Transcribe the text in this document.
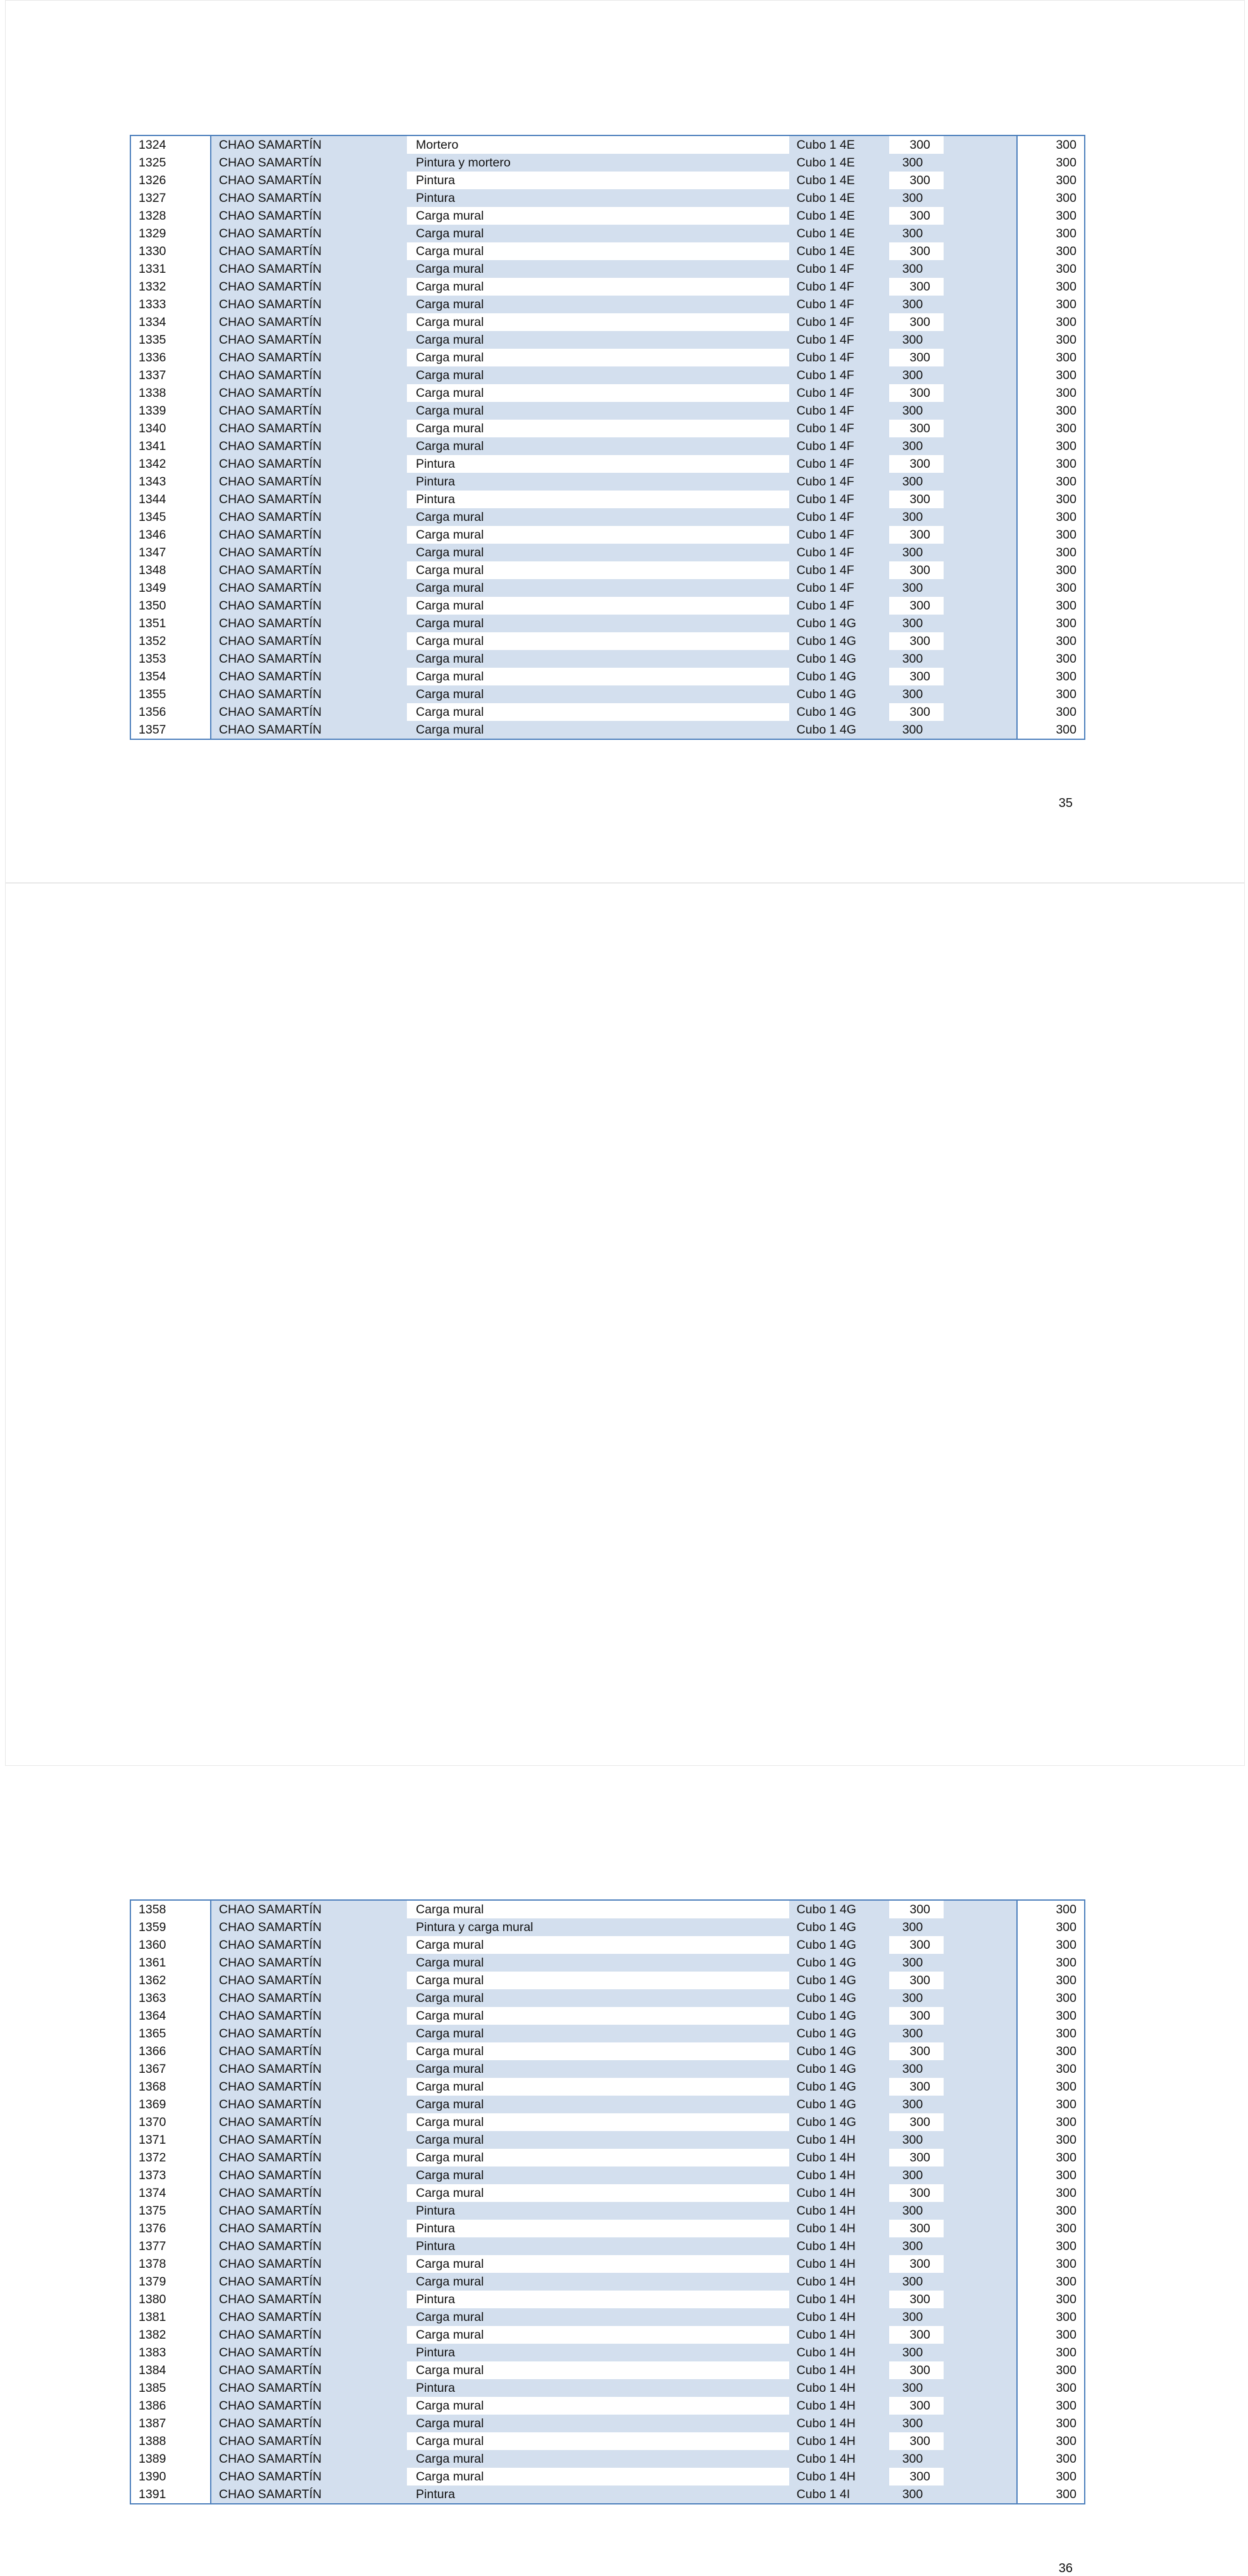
1324	CHAO SAMARTÍN	Mortero	Cubo 1 4E	300		300
1325	CHAO SAMARTÍN	Pintura y mortero	Cubo 1 4E	300		300
1326	CHAO SAMARTÍN	Pintura	Cubo 1 4E	300		300
1327	CHAO SAMARTÍN	Pintura	Cubo 1 4E	300		300
1328	CHAO SAMARTÍN	Carga mural	Cubo 1 4E	300		300
1329	CHAO SAMARTÍN	Carga mural	Cubo 1 4E	300		300
1330	CHAO SAMARTÍN	Carga mural	Cubo 1 4E	300		300
1331	CHAO SAMARTÍN	Carga mural	Cubo 1 4F	300		300
1332	CHAO SAMARTÍN	Carga mural	Cubo 1 4F	300		300
1333	CHAO SAMARTÍN	Carga mural	Cubo 1 4F	300		300
1334	CHAO SAMARTÍN	Carga mural	Cubo 1 4F	300		300
1335	CHAO SAMARTÍN	Carga mural	Cubo 1 4F	300		300
1336	CHAO SAMARTÍN	Carga mural	Cubo 1 4F	300		300
1337	CHAO SAMARTÍN	Carga mural	Cubo 1 4F	300		300
1338	CHAO SAMARTÍN	Carga mural	Cubo 1 4F	300		300
1339	CHAO SAMARTÍN	Carga mural	Cubo 1 4F	300		300
1340	CHAO SAMARTÍN	Carga mural	Cubo 1 4F	300		300
1341	CHAO SAMARTÍN	Carga mural	Cubo 1 4F	300		300
1342	CHAO SAMARTÍN	Pintura	Cubo 1 4F	300		300
1343	CHAO SAMARTÍN	Pintura	Cubo 1 4F	300		300
1344	CHAO SAMARTÍN	Pintura	Cubo 1 4F	300		300
1345	CHAO SAMARTÍN	Carga mural	Cubo 1 4F	300		300
1346	CHAO SAMARTÍN	Carga mural	Cubo 1 4F	300		300
1347	CHAO SAMARTÍN	Carga mural	Cubo 1 4F	300		300
1348	CHAO SAMARTÍN	Carga mural	Cubo 1 4F	300		300
1349	CHAO SAMARTÍN	Carga mural	Cubo 1 4F	300		300
1350	CHAO SAMARTÍN	Carga mural	Cubo 1 4F	300		300
1351	CHAO SAMARTÍN	Carga mural	Cubo 1 4G	300		300
1352	CHAO SAMARTÍN	Carga mural	Cubo 1 4G	300		300
1353	CHAO SAMARTÍN	Carga mural	Cubo 1 4G	300		300
1354	CHAO SAMARTÍN	Carga mural	Cubo 1 4G	300		300
1355	CHAO SAMARTÍN	Carga mural	Cubo 1 4G	300		300
1356	CHAO SAMARTÍN	Carga mural	Cubo 1 4G	300		300
1357	CHAO SAMARTÍN	Carga mural	Cubo 1 4G	300		300
35
1358	CHAO SAMARTÍN	Carga mural	Cubo 1 4G	300		300
1359	CHAO SAMARTÍN	Pintura y carga mural	Cubo 1 4G	300		300
1360	CHAO SAMARTÍN	Carga mural	Cubo 1 4G	300		300
1361	CHAO SAMARTÍN	Carga mural	Cubo 1 4G	300		300
1362	CHAO SAMARTÍN	Carga mural	Cubo 1 4G	300		300
1363	CHAO SAMARTÍN	Carga mural	Cubo 1 4G	300		300
1364	CHAO SAMARTÍN	Carga mural	Cubo 1 4G	300		300
1365	CHAO SAMARTÍN	Carga mural	Cubo 1 4G	300		300
1366	CHAO SAMARTÍN	Carga mural	Cubo 1 4G	300		300
1367	CHAO SAMARTÍN	Carga mural	Cubo 1 4G	300		300
1368	CHAO SAMARTÍN	Carga mural	Cubo 1 4G	300		300
1369	CHAO SAMARTÍN	Carga mural	Cubo 1 4G	300		300
1370	CHAO SAMARTÍN	Carga mural	Cubo 1 4G	300		300
1371	CHAO SAMARTÍN	Carga mural	Cubo 1 4H	300		300
1372	CHAO SAMARTÍN	Carga mural	Cubo 1 4H	300		300
1373	CHAO SAMARTÍN	Carga mural	Cubo 1 4H	300		300
1374	CHAO SAMARTÍN	Carga mural	Cubo 1 4H	300		300
1375	CHAO SAMARTÍN	Pintura	Cubo 1 4H	300		300
1376	CHAO SAMARTÍN	Pintura	Cubo 1 4H	300		300
1377	CHAO SAMARTÍN	Pintura	Cubo 1 4H	300		300
1378	CHAO SAMARTÍN	Carga mural	Cubo 1 4H	300		300
1379	CHAO SAMARTÍN	Carga mural	Cubo 1 4H	300		300
1380	CHAO SAMARTÍN	Pintura	Cubo 1 4H	300		300
1381	CHAO SAMARTÍN	Carga mural	Cubo 1 4H	300		300
1382	CHAO SAMARTÍN	Carga mural	Cubo 1 4H	300		300
1383	CHAO SAMARTÍN	Pintura	Cubo 1 4H	300		300
1384	CHAO SAMARTÍN	Carga mural	Cubo 1 4H	300		300
1385	CHAO SAMARTÍN	Pintura	Cubo 1 4H	300		300
1386	CHAO SAMARTÍN	Carga mural	Cubo 1 4H	300		300
1387	CHAO SAMARTÍN	Carga mural	Cubo 1 4H	300		300
1388	CHAO SAMARTÍN	Carga mural	Cubo 1 4H	300		300
1389	CHAO SAMARTÍN	Carga mural	Cubo 1 4H	300		300
1390	CHAO SAMARTÍN	Carga mural	Cubo 1 4H	300		300
1391	CHAO SAMARTÍN	Pintura	Cubo 1 4I	300		300
36
